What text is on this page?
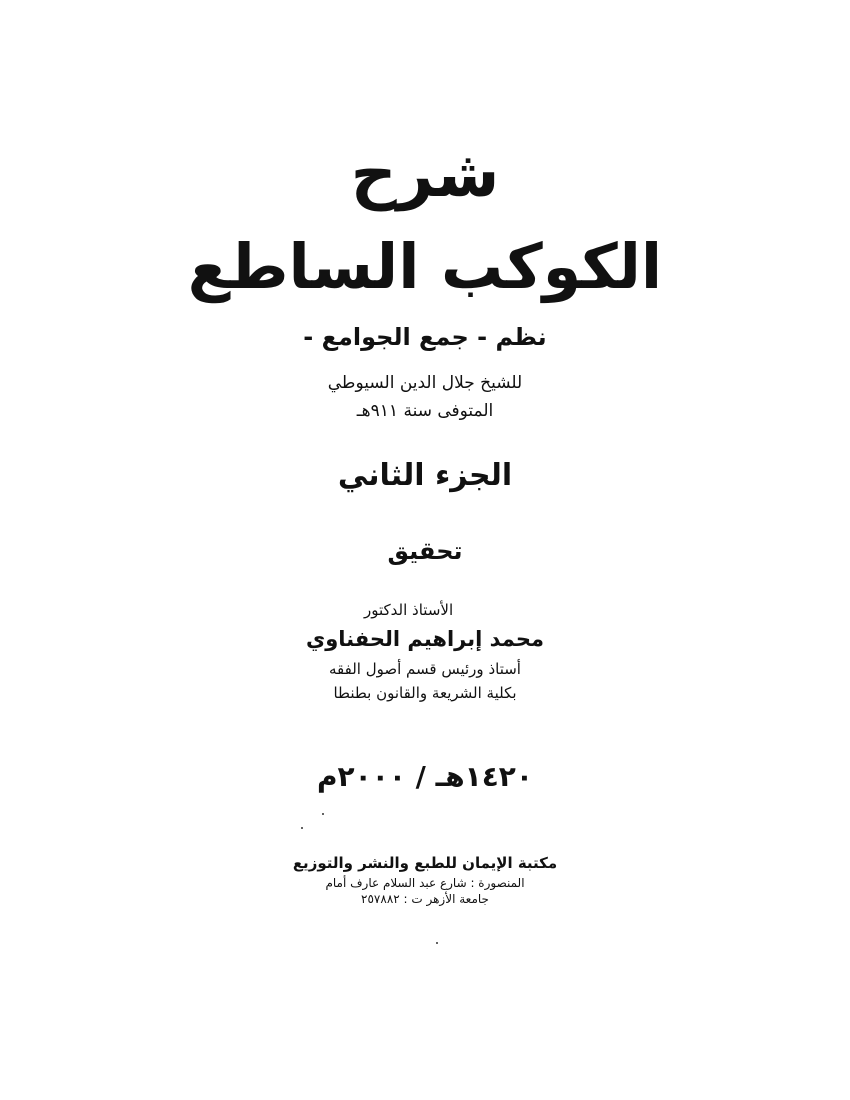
شرح
الكوكب الساطع
نظم - جمع الجوامع -
للشيخ جلال الدين السيوطي
المتوفى سنة ٩١١هـ
الجزء الثاني
تحقيق
الأستاذ الدكتور
محمد إبراهيم الحفناوي
أستاذ ورئيس قسم أصول الفقه
بكلية الشريعة والقانون بطنطا
١٤٢٠هـ / ٢٠٠٠م
مكتبة الإيمان للطبع والنشر والتوزيع
المنصورة : شارع عبد السلام عارف أمام
جامعة الأزهر ت : ٢٥٧٨٨٢
